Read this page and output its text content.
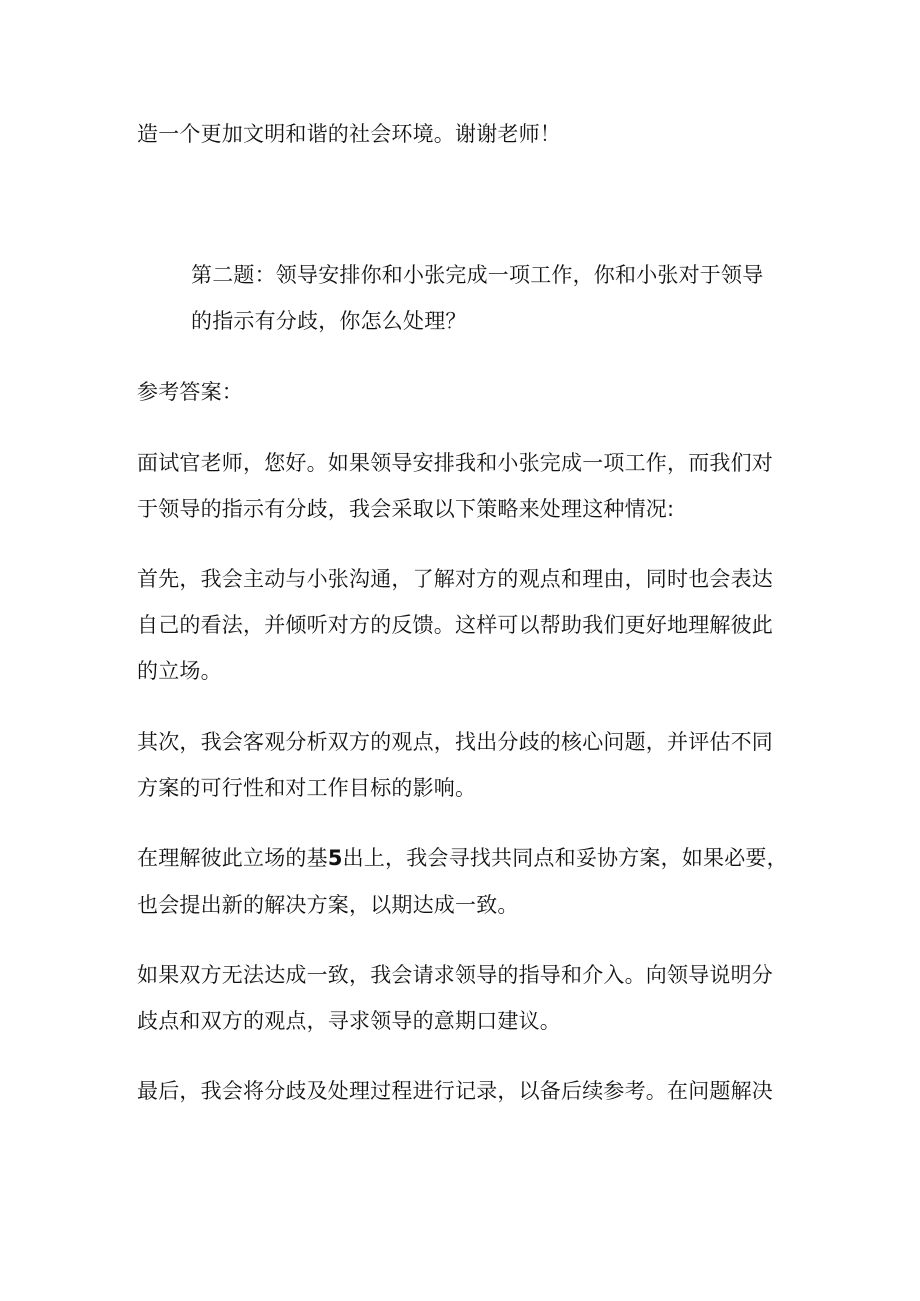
造一个更加文明和谐的社会环境。谢谢老师！
第二题：领导安排你和小张完成一项工作，你和小张对于领导
的指示有分歧，你怎么处理？
参考答案：
面试官老师，您好。如果领导安排我和小张完成一项工作，而我们对
于领导的指示有分歧，我会采取以下策略来处理这种情况:
首先，我会主动与小张沟通，了解对方的观点和理由，同时也会表达
自己的看法，并倾听对方的反馈。这样可以帮助我们更好地理解彼此
的立场。
其次，我会客观分析双方的观点，找出分歧的核心问题，并评估不同
方案的可行性和对工作目标的影响。
在理解彼此立场的基5出上，我会寻找共同点和妥协方案，如果必要，
也会提出新的解决方案，以期达成一致。
如果双方无法达成一致，我会请求领导的指导和介入。向领导说明分
歧点和双方的观点，寻求领导的意期口建议。
最后，我会将分歧及处理过程进行记录，以备后续参考。在问题解决
